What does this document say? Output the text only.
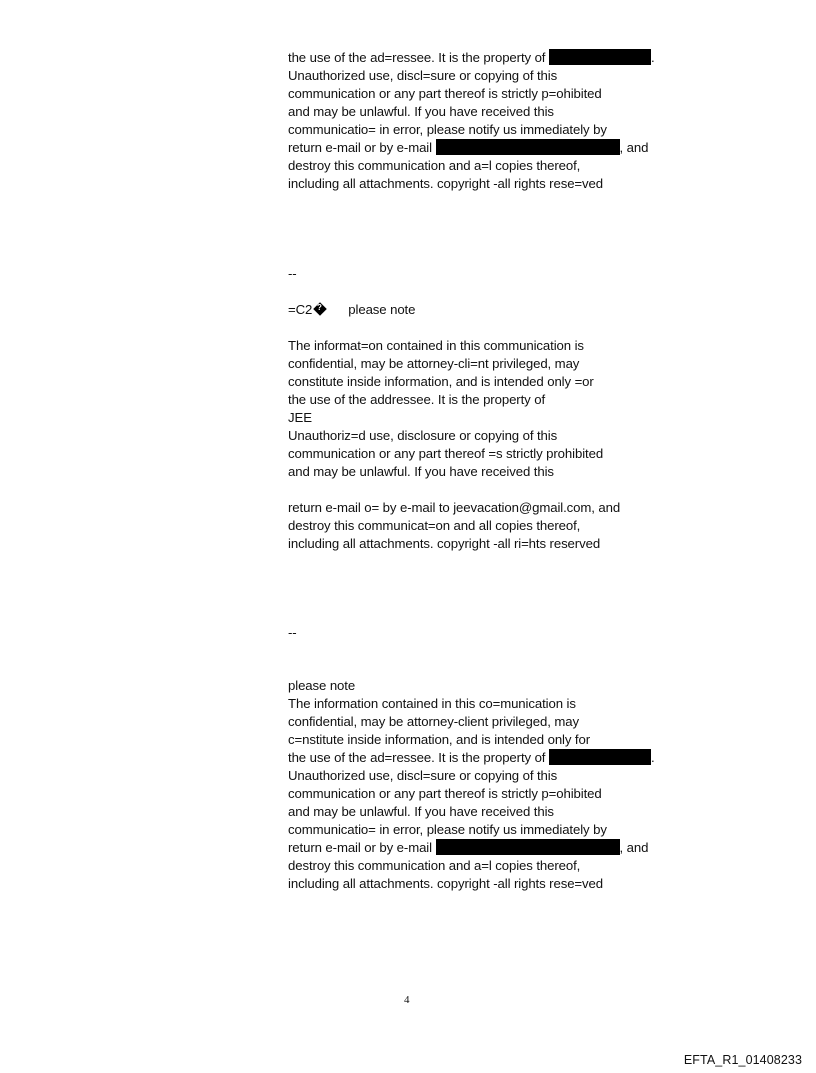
the use of the ad=ressee. It is the property of	.
Unauthorized use, discl=sure or copying of this
communication or any part thereof is strictly p=ohibited
and may be unlawful. If you have received this
communicatio= in error, please notify us immediately by
return e-mail or by e-mail	, and
destroy this communication and a=l copies thereof,
including all attachments. copyright -all rights rese=ved
--
=C2?	please note
The informat=on contained in this communication is
confidential, may be attorney-cli=nt privileged, may
constitute inside information, and is intended only =or
the use of the addressee. It is the property of
JEE
Unauthoriz=d use, disclosure or copying of this
communication or any part thereof =s strictly prohibited
and may be unlawful. If you have received this
return e-mail o= by e-mail to jeevacation@gmail.com, and
destroy this communicat=on and all copies thereof,
including all attachments. copyright -all ri=hts reserved
--
please note
The information contained in this co=munication is
confidential, may be attorney-client privileged, may
c=nstitute inside information, and is intended only for
the use of the ad=ressee. It is the property of	.
Unauthorized use, discl=sure or copying of this
communication or any part thereof is strictly p=ohibited
and may be unlawful. If you have received this
communicatio= in error, please notify us immediately by
return e-mail or by e-mail	, and
destroy this communication and a=l copies thereof,
including all attachments. copyright -all rights rese=ved
4
EFTA_R1_01408233
